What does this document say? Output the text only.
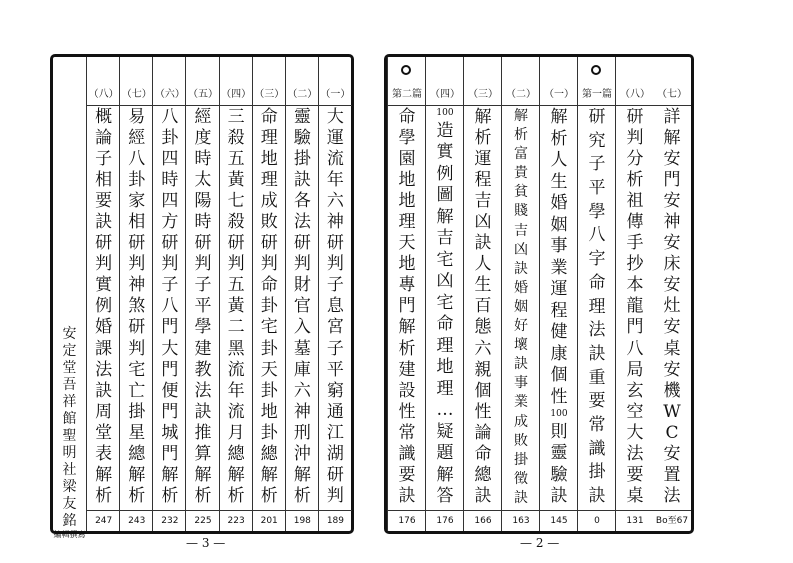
安
定
堂
吾
祥
館
聖
明
社
梁
友
銘
編輯撰寫
（一）
大
運
流
年
六
神
研
判
子
息
宮
子
平
窮
通
江
湖
研
判
189
（二）
靈
驗
掛
訣
各
法
研
判
財
官
入
墓
庫
六
神
刑
沖
解
析
198
（三）
命
理
地
理
成
敗
研
判
命
卦
宅
卦
天
卦
地
卦
總
解
析
201
（四）
三
殺
五
黃
七
殺
研
判
五
黃
二
黑
流
年
流
月
總
解
析
223
（五）
經
度
時
太
陽
時
研
判
子
平
學
建
教
法
訣
推
算
解
析
225
（六）
八
卦
四
時
四
方
研
判
子
八
門
大
門
便
門
城
門
解
析
232
（七）
易
經
八
卦
家
相
研
判
神
煞
研
判
宅
亡
掛
星
總
解
析
243
（八）
概
論
子
相
要
訣
研
判
實
例
婚
課
法
訣
周
堂
表
解
析
247
— 3 —
（七）
詳
解
安
門
安
神
安
床
安
灶
安
桌
安
機
W
C
安
置
法
Bo至67
（八）
研
判
分
析
祖
傳
手
抄
本
龍
門
八
局
玄
空
大
法
要
桌
131
第一篇
研
究
子
平
學
八
字
命
理
法
訣
重
要
常
識
掛
訣
0
（一）
解
析
人
生
婚
姻
事
業
運
程
健
康
個
性
100
則
靈
驗
訣
145
（二）
解
析
富
貴
貧
賤
吉
凶
訣
婚
姻
好
壞
訣
事
業
成
敗
掛
徵
訣
163
（三）
解
析
運
程
吉
凶
訣
人
生
百
態
六
親
個
性
論
命
總
訣
166
（四）
100
造
實
例
圖
解
吉
宅
凶
宅
命
理
地
理
…
疑
題
解
答
176
第二篇
命
學
園
地
地
理
天
地
專
門
解
析
建
設
性
常
識
要
訣
176
— 2 —
